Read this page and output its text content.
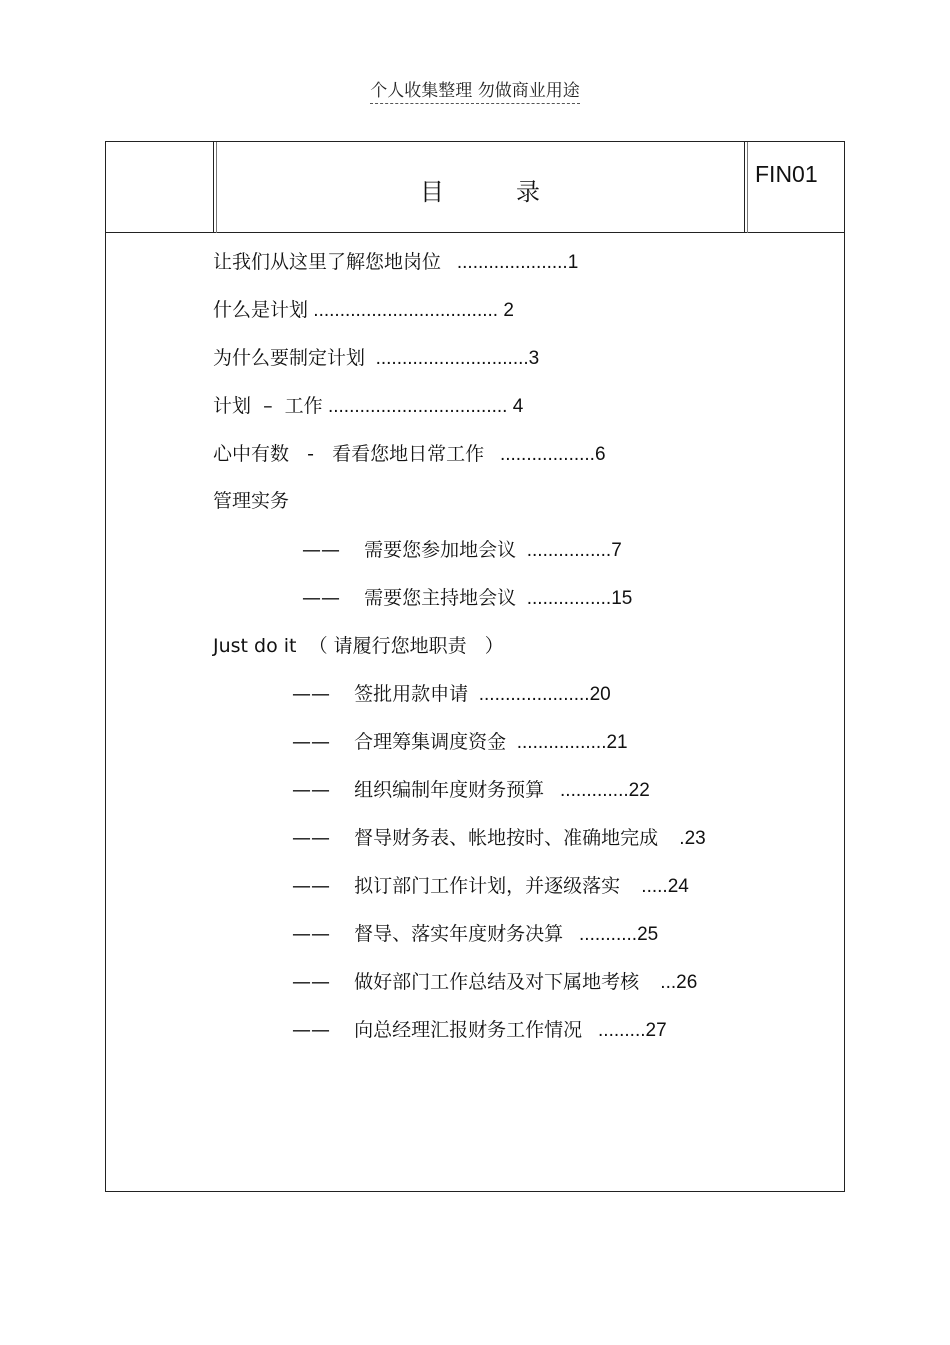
个人收集整理 勿做商业用途
目录
FIN01
让我们从这里了解您地岗位   .....................1
什么是计划 ................................... 2
为什么要制定计划  .............................3
计划  –  工作 .................................. 4
心中有数   -   看看您地日常工作   ..................6
管理实务
——    需要您参加地会议  ................7
——    需要您主持地会议  ................15
Just do it  （ 请履行您地职责   ）
——    签批用款申请  .....................20
——    合理筹集调度资金  .................21
——    组织编制年度财务预算   .............22
——    督导财务表、帐地按时、准确地完成    .23
——    拟订部门工作计划，并逐级落实    .....24
——    督导、落实年度财务决算   ...........25
——    做好部门工作总结及对下属地考核    ...26
——    向总经理汇报财务工作情况   .........27
